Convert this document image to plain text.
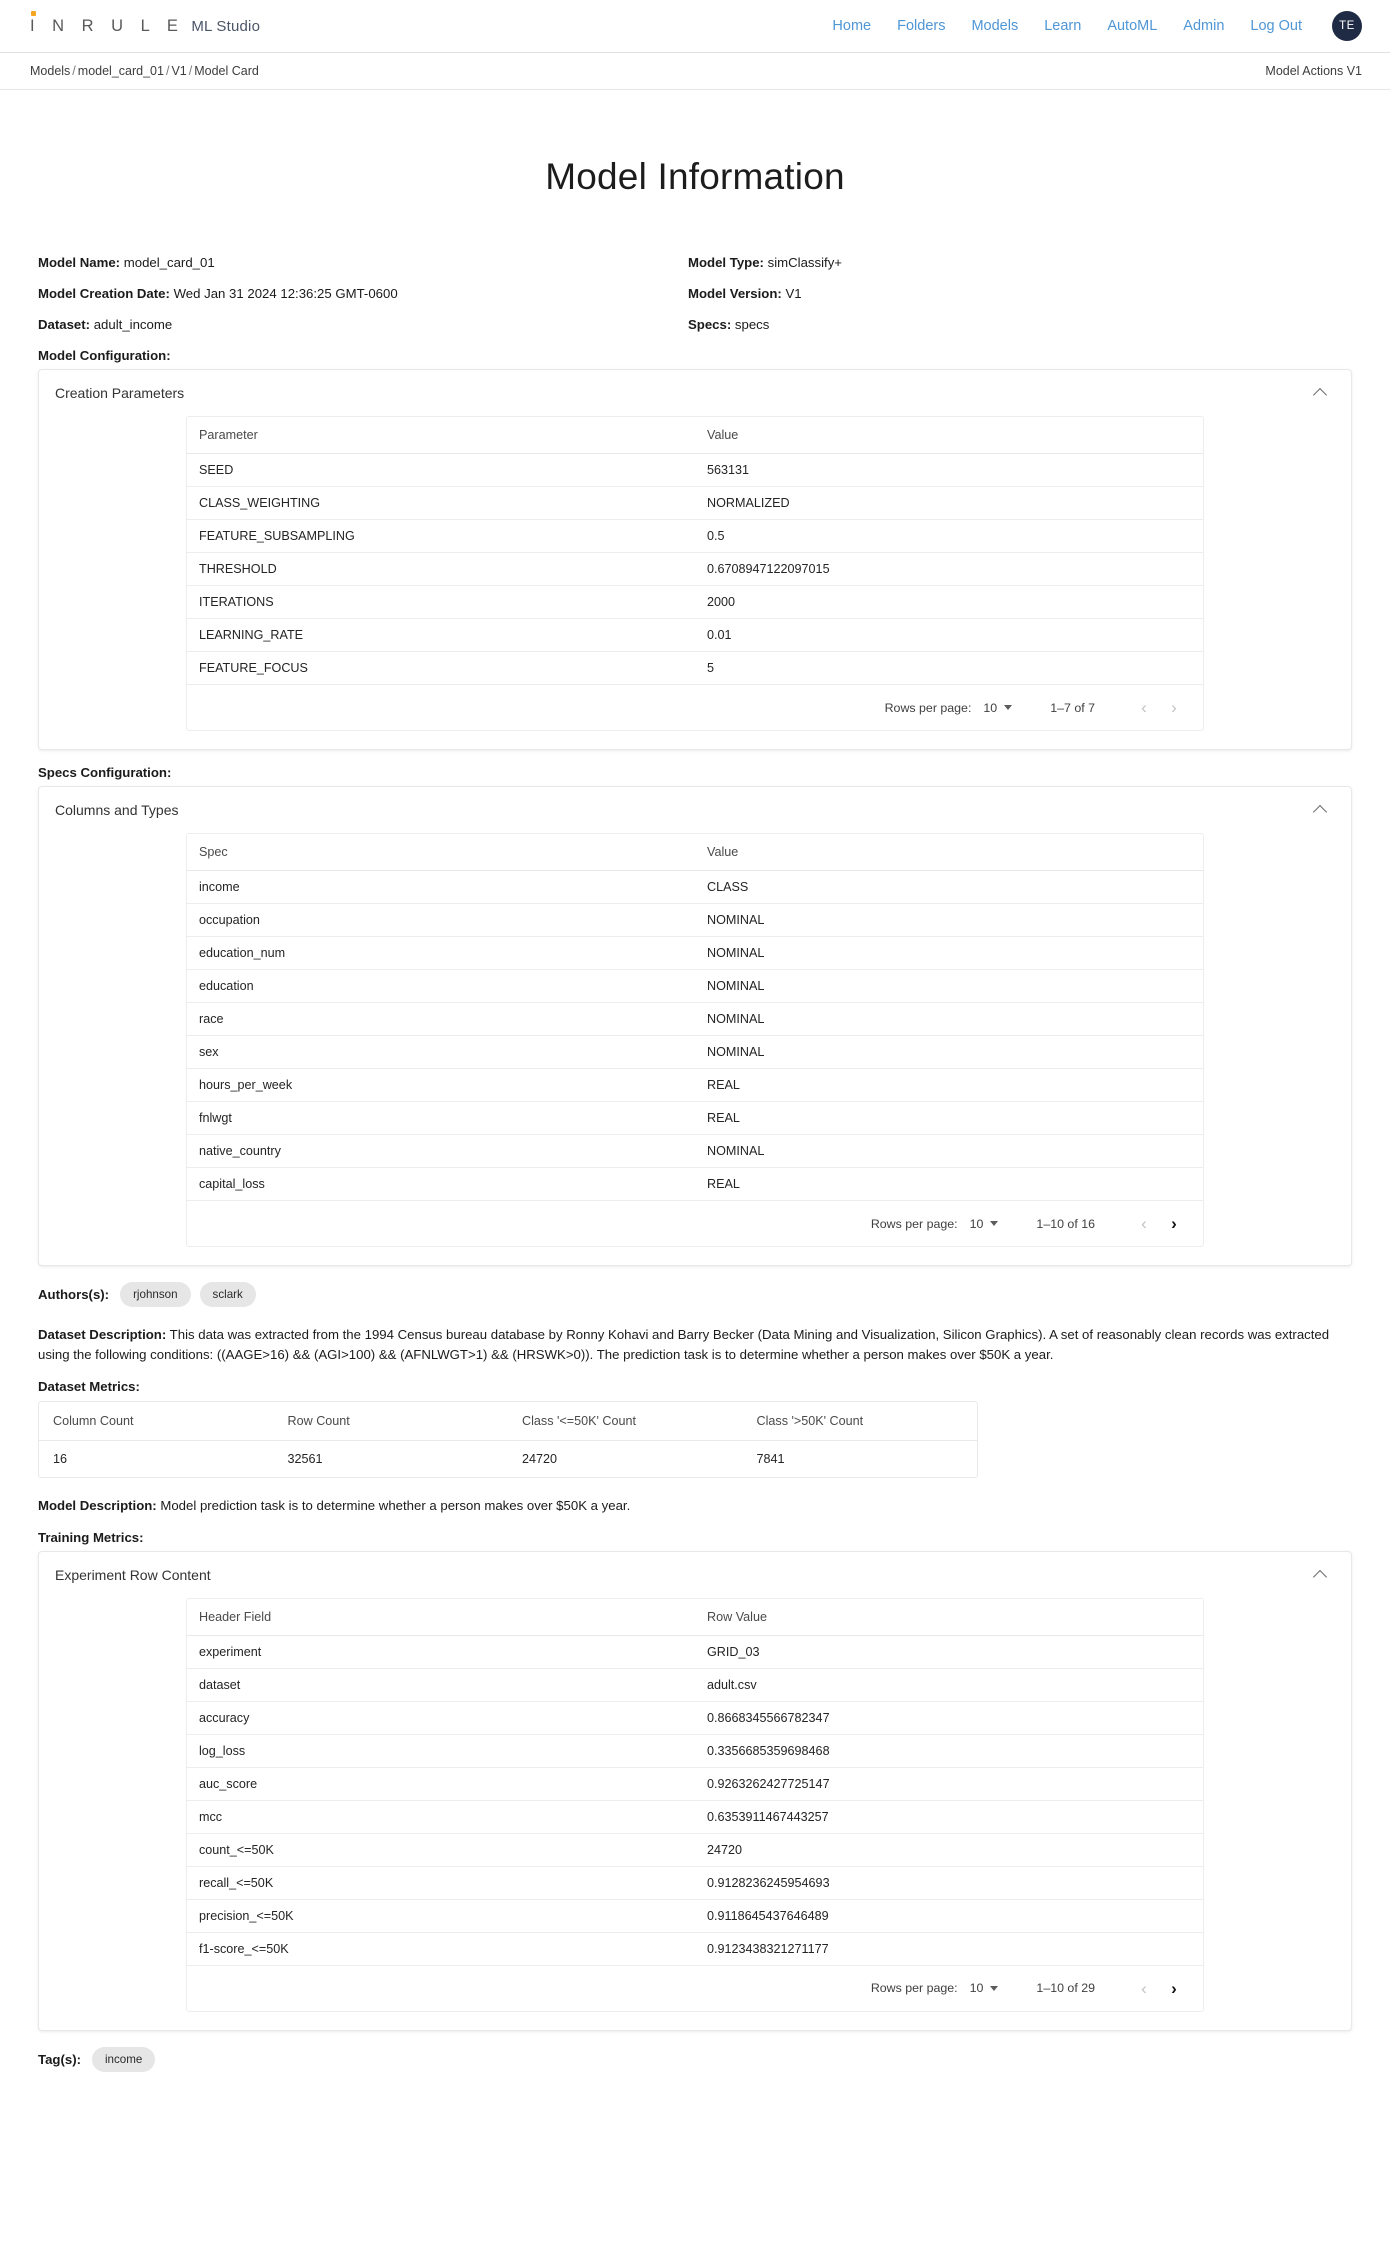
I N R U L E ML Studio	Home Folders Models Learn AutoML Admin Log Out	TE
Models / model_card_01 / V1 / Model Card	Model Actions V1
Model Information
Model Name: model_card_01	Model Type: simClassify+
Model Creation Date: Wed Jan 31 2024 12:36:25 GMT-0600	Model Version: V1
Dataset: adult_income	Specs: specs
Model Configuration:
Creation Parameters
Parameter	Value
SEED	563131
CLASS_WEIGHTING	NORMALIZED
FEATURE_SUBSAMPLING	0.5
THRESHOLD	0.6708947122097015
ITERATIONS	2000
LEARNING_RATE	0.01
FEATURE_FOCUS	5
Rows per page: 10	1–7 of 7	‹	›
Specs Configuration:
Columns and Types
Spec	Value
income	CLASS
occupation	NOMINAL
education_num	NOMINAL
education	NOMINAL
race	NOMINAL
sex	NOMINAL
hours_per_week	REAL
fnlwgt	REAL
native_country	NOMINAL
capital_loss	REAL
Rows per page: 10	1–10 of 16	‹	›
Authors(s):	rjohnson	sclark
Dataset Description: This data was extracted from the 1994 Census bureau database by Ronny Kohavi and Barry Becker (Data Mining and Visualization, Silicon Graphics). A set of reasonably clean records was extracted using the following conditions: ((AAGE>16) && (AGI>100) && (AFNLWGT>1) && (HRSWK>0)). The prediction task is to determine whether a person makes over $50K a year.
Dataset Metrics:
Column Count	Row Count	Class '<=50K' Count	Class '>50K' Count
16	32561	24720	7841
Model Description: Model prediction task is to determine whether a person makes over $50K a year.
Training Metrics:
Experiment Row Content
Header Field	Row Value
experiment	GRID_03
dataset	adult.csv
accuracy	0.8668345566782347
log_loss	0.3356685359698468
auc_score	0.9263262427725147
mcc	0.6353911467443257
count_<=50K	24720
recall_<=50K	0.9128236245954693
precision_<=50K	0.9118645437646489
f1-score_<=50K	0.9123438321271177
Rows per page: 10	1–10 of 29	‹	›
Tag(s):	income
